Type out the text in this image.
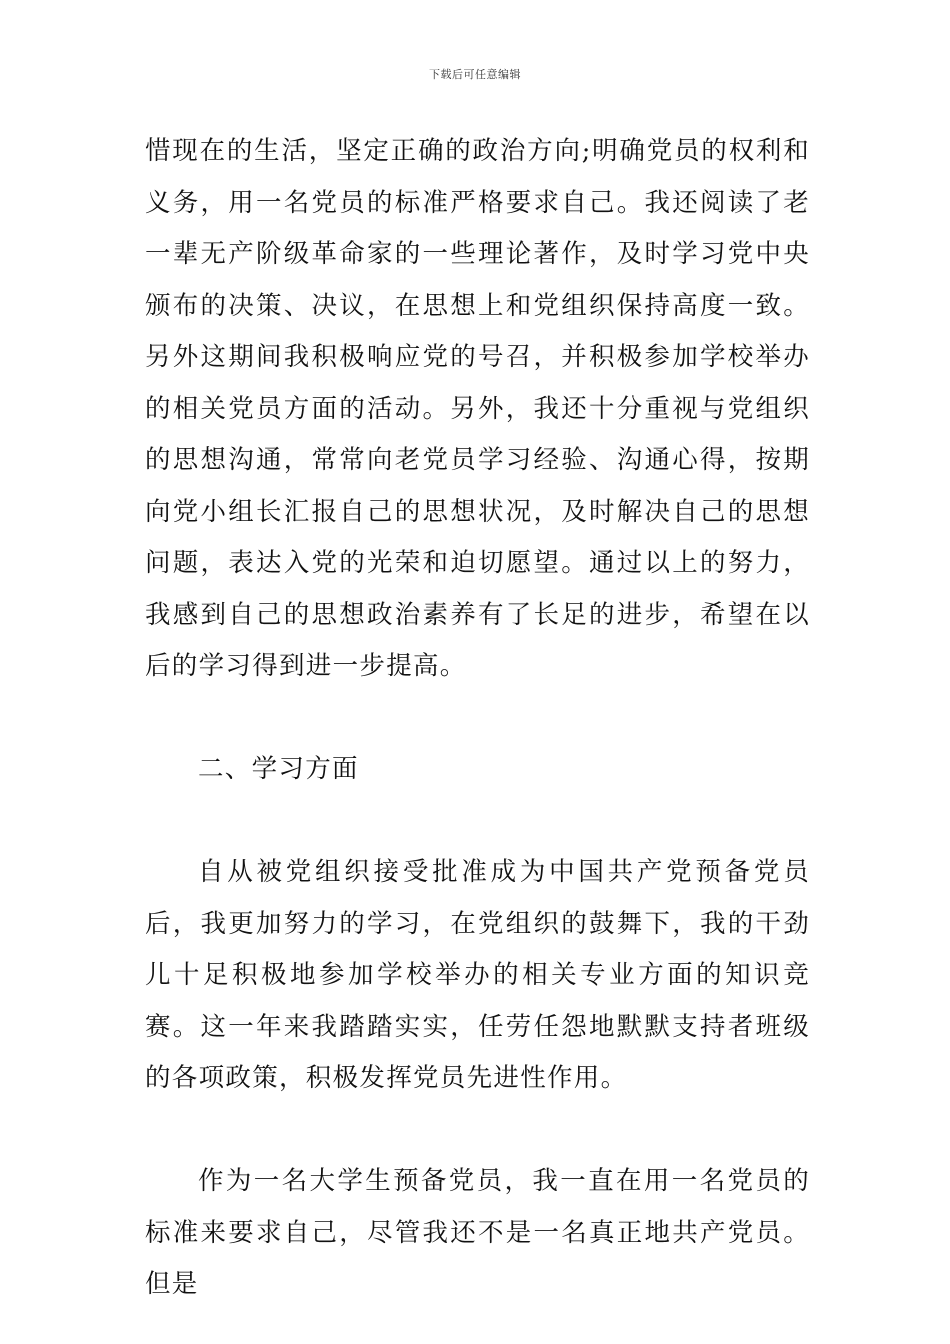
下载后可任意编辑

惜现在的生活，坚定正确的政治方向;明确党员的权利和义务，用一名党员的标准严格要求自己。我还阅读了老一辈无产阶级革命家的一些理论著作，及时学习党中央颁布的决策、决议，在思想上和党组织保持高度一致。另外这期间我积极响应党的号召，并积极参加学校举办的相关党员方面的活动。另外，我还十分重视与党组织的思想沟通，常常向老党员学习经验、沟通心得，按期向党小组长汇报自己的思想状况，及时解决自己的思想问题，表达入党的光荣和迫切愿望。通过以上的努力，我感到自己的思想政治素养有了长足的进步，希望在以后的学习得到进一步提高。

二、学习方面

自从被党组织接受批准成为中国共产党预备党员后，我更加努力的学习，在党组织的鼓舞下，我的干劲儿十足积极地参加学校举办的相关专业方面的知识竞赛。这一年来我踏踏实实，任劳任怨地默默支持者班级的各项政策，积极发挥党员先进性作用。

作为一名大学生预备党员，我一直在用一名党员的标准来要求自己，尽管我还不是一名真正地共产党员。但是
